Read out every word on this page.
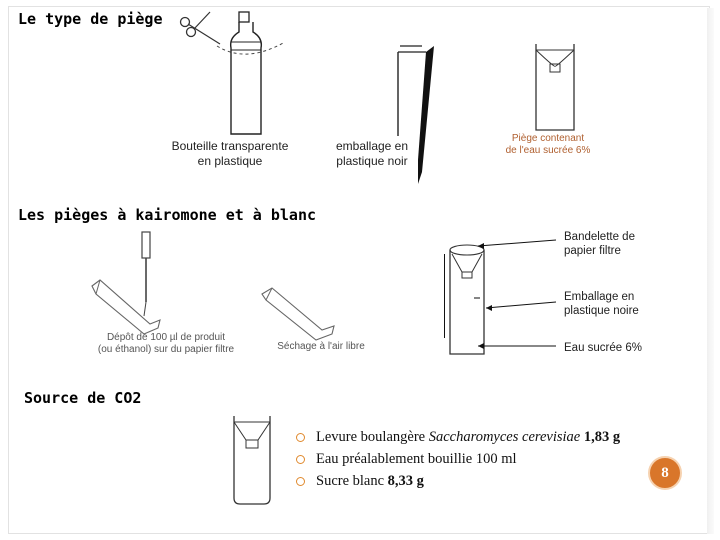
Le type de piège
Bouteille transparente
en plastique
emballage en
plastique noir
Piège contenant
de l'eau sucrée 6%
Les pièges à kairomone et à blanc
Dépôt de 100 µl de produit
(ou éthanol) sur du papier filtre	Séchage à l'air libre
Bandelette de
papier filtre
Emballage en
plastique noire
Eau sucrée 6%
Source de CO2
Levure boulangère Saccharomyces cerevisiae 1,83 g
Eau préalablement bouillie 100 ml
Sucre blanc 8,33 g	8
